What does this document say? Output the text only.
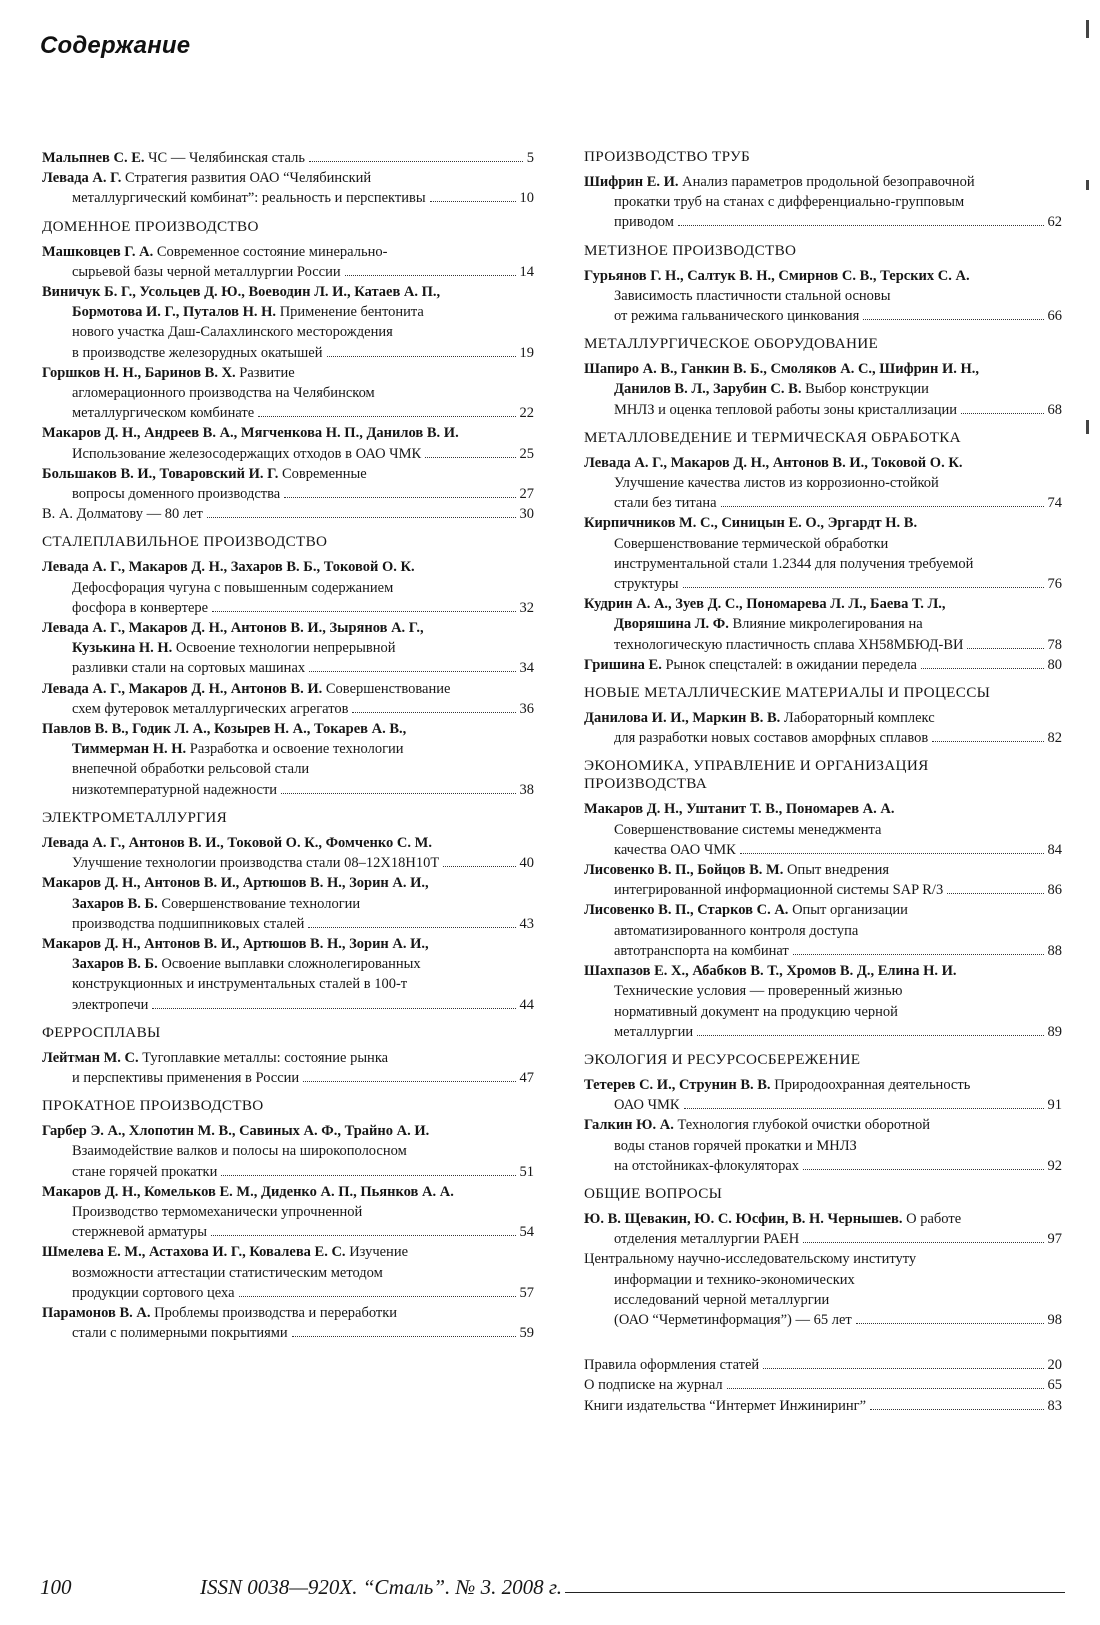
Содержание
Мальпнев С. Е. ЧС — Челябинская сталь	5
Левада А. Г. Стратегия развития ОАО “Челябинский
металлургический комбинат”: реальность и перспективы	10
ДОМЕННОЕ ПРОИЗВОДСТВО
Машковцев Г. А. Современное состояние минерально-
сырьевой базы черной металлургии России	14
Виничук Б. Г., Усольцев Д. Ю., Воеводин Л. И., Катаев А. П.,
Бормотова И. Г., Путалов Н. Н. Применение бентонита
нового участка Даш-Салахлинского месторождения
в производстве железорудных окатышей	19
Горшков Н. Н., Баринов В. Х. Развитие
агломерационного производства на Челябинском
металлургическом комбинате	22
Макаров Д. Н., Андреев В. А., Мягченкова Н. П., Данилов В. И.
Использование железосодержащих отходов в ОАО ЧМК	25
Большаков В. И., Товаровский И. Г. Современные
вопросы доменного производства	27
В. А. Долматову — 80 лет	30
СТАЛЕПЛАВИЛЬНОЕ ПРОИЗВОДСТВО
Левада А. Г., Макаров Д. Н., Захаров В. Б., Токовой О. К.
Дефосфорация чугуна с повышенным содержанием
фосфора в конвертере	32
Левада А. Г., Макаров Д. Н., Антонов В. И., Зырянов А. Г.,
Кузькина Н. Н. Освоение технологии непрерывной
разливки стали на сортовых машинах	34
Левада А. Г., Макаров Д. Н., Антонов В. И. Совершенствование
схем футеровок металлургических агрегатов	36
Павлов В. В., Годик Л. А., Козырев Н. А., Токарев А. В.,
Тиммерман Н. Н. Разработка и освоение технологии
внепечной обработки рельсовой стали
низкотемпературной надежности	38
ЭЛЕКТРОМЕТАЛЛУРГИЯ
Левада А. Г., Антонов В. И., Токовой О. К., Фомченко С. М.
Улучшение технологии производства стали 08–12Х18Н10Т	40
Макаров Д. Н., Антонов В. И., Артюшов В. Н., Зорин А. И.,
Захаров В. Б. Совершенствование технологии
производства подшипниковых сталей	43
Макаров Д. Н., Антонов В. И., Артюшов В. Н., Зорин А. И.,
Захаров В. Б. Освоение выплавки сложнолегированных
конструкционных и инструментальных сталей в 100-т
электропечи	44
ФЕРРОСПЛАВЫ
Лейтман М. С. Тугоплавкие металлы: состояние рынка
и перспективы применения в России	47
ПРОКАТНОЕ ПРОИЗВОДСТВО
Гарбер Э. А., Хлопотин М. В., Савиных А. Ф., Трайно А. И.
Взаимодействие валков и полосы на широкополосном
стане горячей прокатки	51
Макаров Д. Н., Комельков Е. М., Диденко А. П., Пьянков А. А.
Производство термомеханически упрочненной
стержневой арматуры	54
Шмелева Е. М., Астахова И. Г., Ковалева Е. С. Изучение
возможности аттестации статистическим методом
продукции сортового цеха	57
Парамонов В. А. Проблемы производства и переработки
стали с полимерными покрытиями	59
ПРОИЗВОДСТВО ТРУБ
Шифрин Е. И. Анализ параметров продольной безоправочной
прокатки труб на станах с дифференциально-групповым
приводом	62
МЕТИЗНОЕ ПРОИЗВОДСТВО
Гурьянов Г. Н., Салтук В. Н., Смирнов С. В., Терских С. А.
Зависимость пластичности стальной основы
от режима гальванического цинкования	66
МЕТАЛЛУРГИЧЕСКОЕ ОБОРУДОВАНИЕ
Шапиро А. В., Ганкин В. Б., Смоляков А. С., Шифрин И. Н.,
Данилов В. Л., Зарубин С. В. Выбор конструкции
МНЛЗ и оценка тепловой работы зоны кристаллизации	68
МЕТАЛЛОВЕДЕНИЕ И ТЕРМИЧЕСКАЯ ОБРАБОТКА
Левада А. Г., Макаров Д. Н., Антонов В. И., Токовой О. К.
Улучшение качества листов из коррозионно-стойкой
стали без титана	74
Кирпичников М. С., Синицын Е. О., Эргардт Н. В.
Совершенствование термической обработки
инструментальной стали 1.2344 для получения требуемой
структуры	76
Кудрин А. А., Зуев Д. С., Пономарева Л. Л., Баева Т. Л.,
Дворяшина Л. Ф. Влияние микролегирования на
технологическую пластичность сплава ХН58МБЮД-ВИ	78
Гришина Е. Рынок спецсталей: в ожидании передела	80
НОВЫЕ МЕТАЛЛИЧЕСКИЕ МАТЕРИАЛЫ И ПРОЦЕССЫ
Данилова И. И., Маркин В. В. Лабораторный комплекс
для разработки новых составов аморфных сплавов	82
ЭКОНОМИКА, УПРАВЛЕНИЕ И ОРГАНИЗАЦИЯ
ПРОИЗВОДСТВА
Макаров Д. Н., Уштанит Т. В., Пономарев А. А.
Совершенствование системы менеджмента
качества ОАО ЧМК	84
Лисовенко В. П., Бойцов В. М. Опыт внедрения
интегрированной информационной системы SAP R/3	86
Лисовенко В. П., Старков С. А. Опыт организации
автоматизированного контроля доступа
автотранспорта на комбинат	88
Шахпазов Е. Х., Абабков В. Т., Хромов В. Д., Елина Н. И.
Технические условия — проверенный жизнью
нормативный документ на продукцию черной
металлургии	89
ЭКОЛОГИЯ И РЕСУРСОСБЕРЕЖЕНИЕ
Тетерев С. И., Струнин В. В. Природоохранная деятельность
ОАО ЧМК	91
Галкин Ю. А. Технология глубокой очистки оборотной
воды станов горячей прокатки и МНЛЗ
на отстойниках-флокуляторах	92
ОБЩИЕ ВОПРОСЫ
Ю. В. Щевакин, Ю. С. Юсфин, В. Н. Чернышев. О работе
отделения металлургии РАЕН	97
Центральному научно-исследовательскому институту
информации и технико-экономических
исследований черной металлургии
(ОАО “Черметинформация”) — 65 лет	98
Правила оформления статей	20
О подписке на журнал	65
Книги издательства “Интермет Инжиниринг”	83
100	ISSN 0038—920X. “Сталь”. № 3. 2008 г.
